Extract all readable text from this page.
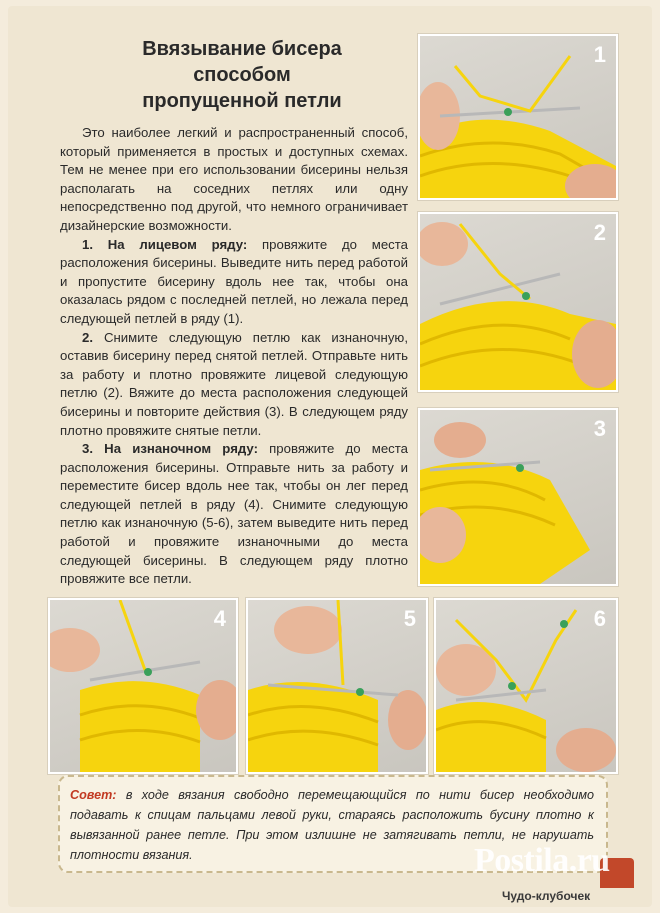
Ввязывание бисера
способом
пропущенной петли

Это наиболее легкий и распространенный способ, который применяется в простых и доступных схемах. Тем не менее при его использовании бисерины нельзя располагать на соседних петлях или одну непосредственно под другой, что немного ограничивает дизайнерские возможности.

1. На лицевом ряду: провяжите до места расположения бисерины. Выведите нить перед работой и пропустите бисерину вдоль нее так, чтобы она оказалась рядом с последней петлей, но лежала перед следующей петлей в ряду (1).

2. Снимите следующую петлю как изнаночную, оставив бисерину перед снятой петлей. Отправьте нить за работу и плотно провяжите лицевой следующую петлю (2). Вяжите до места расположения следующей бисерины и повторите действия (3). В следующем ряду плотно провяжите снятые петли.

3. На изнаночном ряду: провяжите до места расположения бисерины. Отправьте нить за работу и переместите бисер вдоль нее так, чтобы он лег перед следующей петлей в ряду (4). Снимите следующую петлю как изнаночную (5-6), затем выведите нить перед работой и провяжите изнаночными до места следующей бисерины. В следующем ряду плотно провяжите все петли.

1
2
3
4	5	6
Совет: в ходе вязания свободно перемещающийся по нити бисер необходимо подавать к спицам пальцами левой руки, стараясь расположить бусину плотно к вывязанной ранее петле. При этом излишне не затягивать петли, не нарушать плотности вязания.	Postila.ru
Чудо-клубочек
